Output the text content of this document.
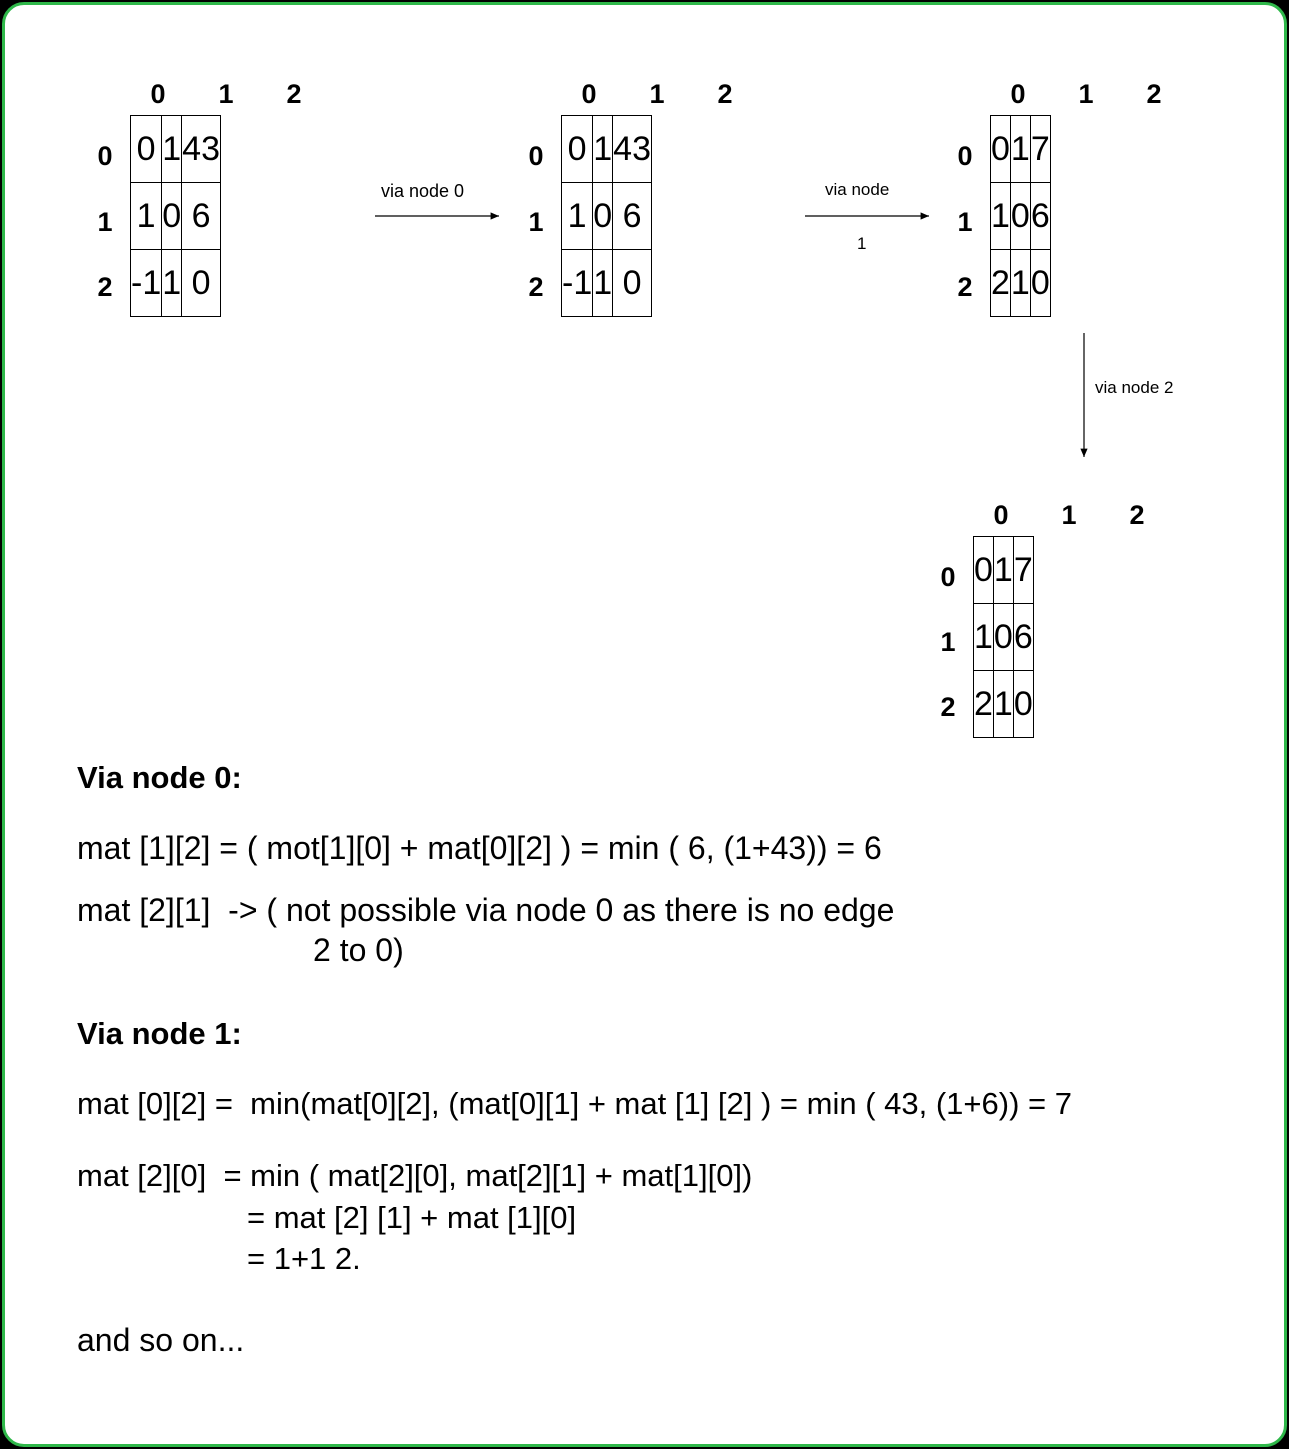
0	1	2
0
1
2
0	1	43

1	0	6

-1	1	0
0	1	2
0
1
2
0	1	43

1	0	6

-1	1	0
0	1	2
0
1
2
0	1	7

1	0	6

2	1	0
0	1	2
0
1
2
0	1	7

1	0	6

2	1	0
via node 0	via node
1
via node 2
Via node 0:
mat [1][2] = ( mot[1][0] + mat[0][2] ) = min ( 6, (1+43)) = 6
mat [2][1]  -> ( not possible via node 0 as there is no edge
2 to 0)
Via node 1:
mat [0][2] =  min(mat[0][2], (mat[0][1] + mat [1] [2] ) = min ( 43, (1+6)) = 7
mat [2][0]  = min ( mat[2][0], mat[2][1] + mat[1][0])
= mat [2] [1] + mat [1][0]
= 1+1 2.
and so on...
